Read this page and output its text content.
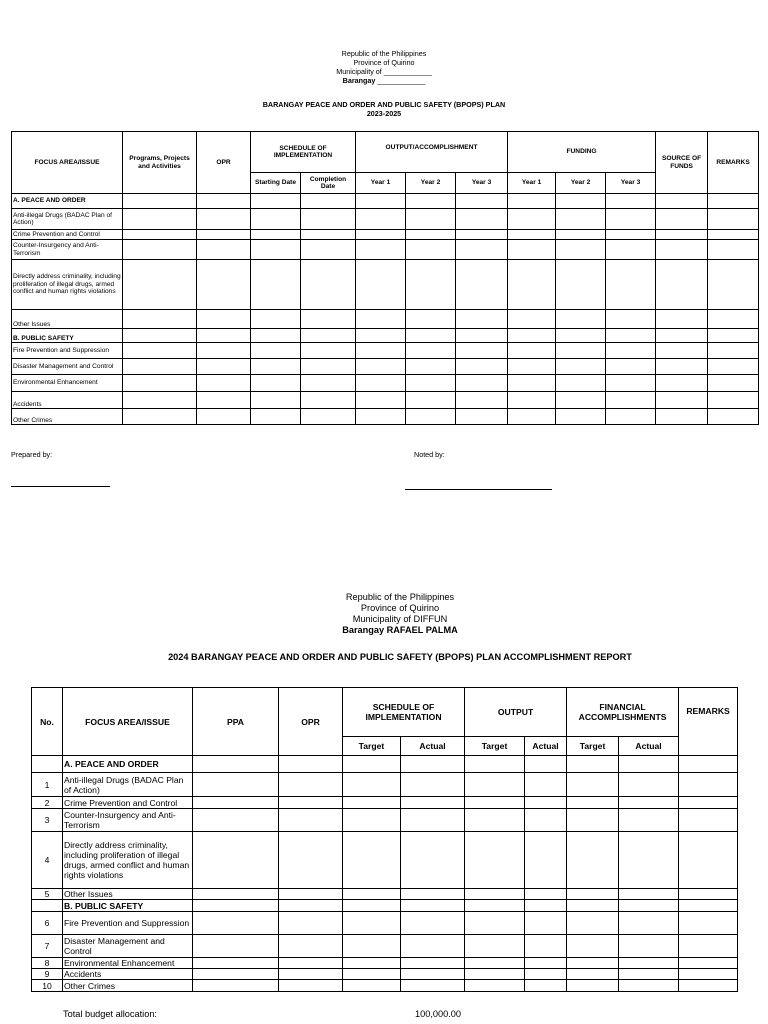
Republic of the Philippines
Province of Quirino
Municipality of ____________
Barangay ____________
BARANGAY PEACE AND ORDER AND PUBLIC SAFETY (BPOPS) PLAN
2023-2025
FOCUS AREA/ISSUE	Programs, Projects and Activities	OPR	SCHEDULE OF IMPLEMENTATION		OUTPUT/ACCOMPLISHMENT			FUNDING			SOURCE OF FUNDS	REMARKS
			Starting Date	Completion Date	Year 1	Year 2	Year 3	Year 1	Year 2	Year 3		
A. PEACE AND ORDER												
Anti-illegal Drugs (BADAC Plan of Action)												
Crime Prevention and Control												
Counter-Insurgency and Anti-Terrorism												
Directly address criminality, including proliferation of illegal drugs, armed conflict and human rights violations												
Other Issues												
B. PUBLIC SAFETY												
Fire Prevention and Suppression												
Disaster Management and Control												
Environmental Enhancement												
Accidents												
Other Crimes												
Prepared by:	Noted by:
Republic of the Philippines
Province of Quirino
Municipality of DIFFUN
Barangay RAFAEL PALMA
2024 BARANGAY PEACE AND ORDER AND PUBLIC SAFETY (BPOPS) PLAN ACCOMPLISHMENT REPORT
No.	FOCUS AREA/ISSUE	PPA	OPR	SCHEDULE OF IMPLEMENTATION		OUTPUT		FINANCIAL ACCOMPLISHMENTS		REMARKS
				Target	Actual	Target	Actual	Target	Actual	
	A. PEACE AND ORDER									
1	Anti-illegal Drugs (BADAC Plan of Action)									
2	Crime Prevention and Control									
3	Counter-Insurgency and Anti-Terrorism									
4	Directly address criminality, including proliferation of illegal drugs, armed conflict and human rights violations									
5	Other Issues									
	B. PUBLIC SAFETY									
6	Fire Prevention and Suppression									
7	Disaster Management and Control									
8	Environmental Enhancement									
9	Accidents									
10	Other Crimes									
Total budget allocation:	100,000.00
